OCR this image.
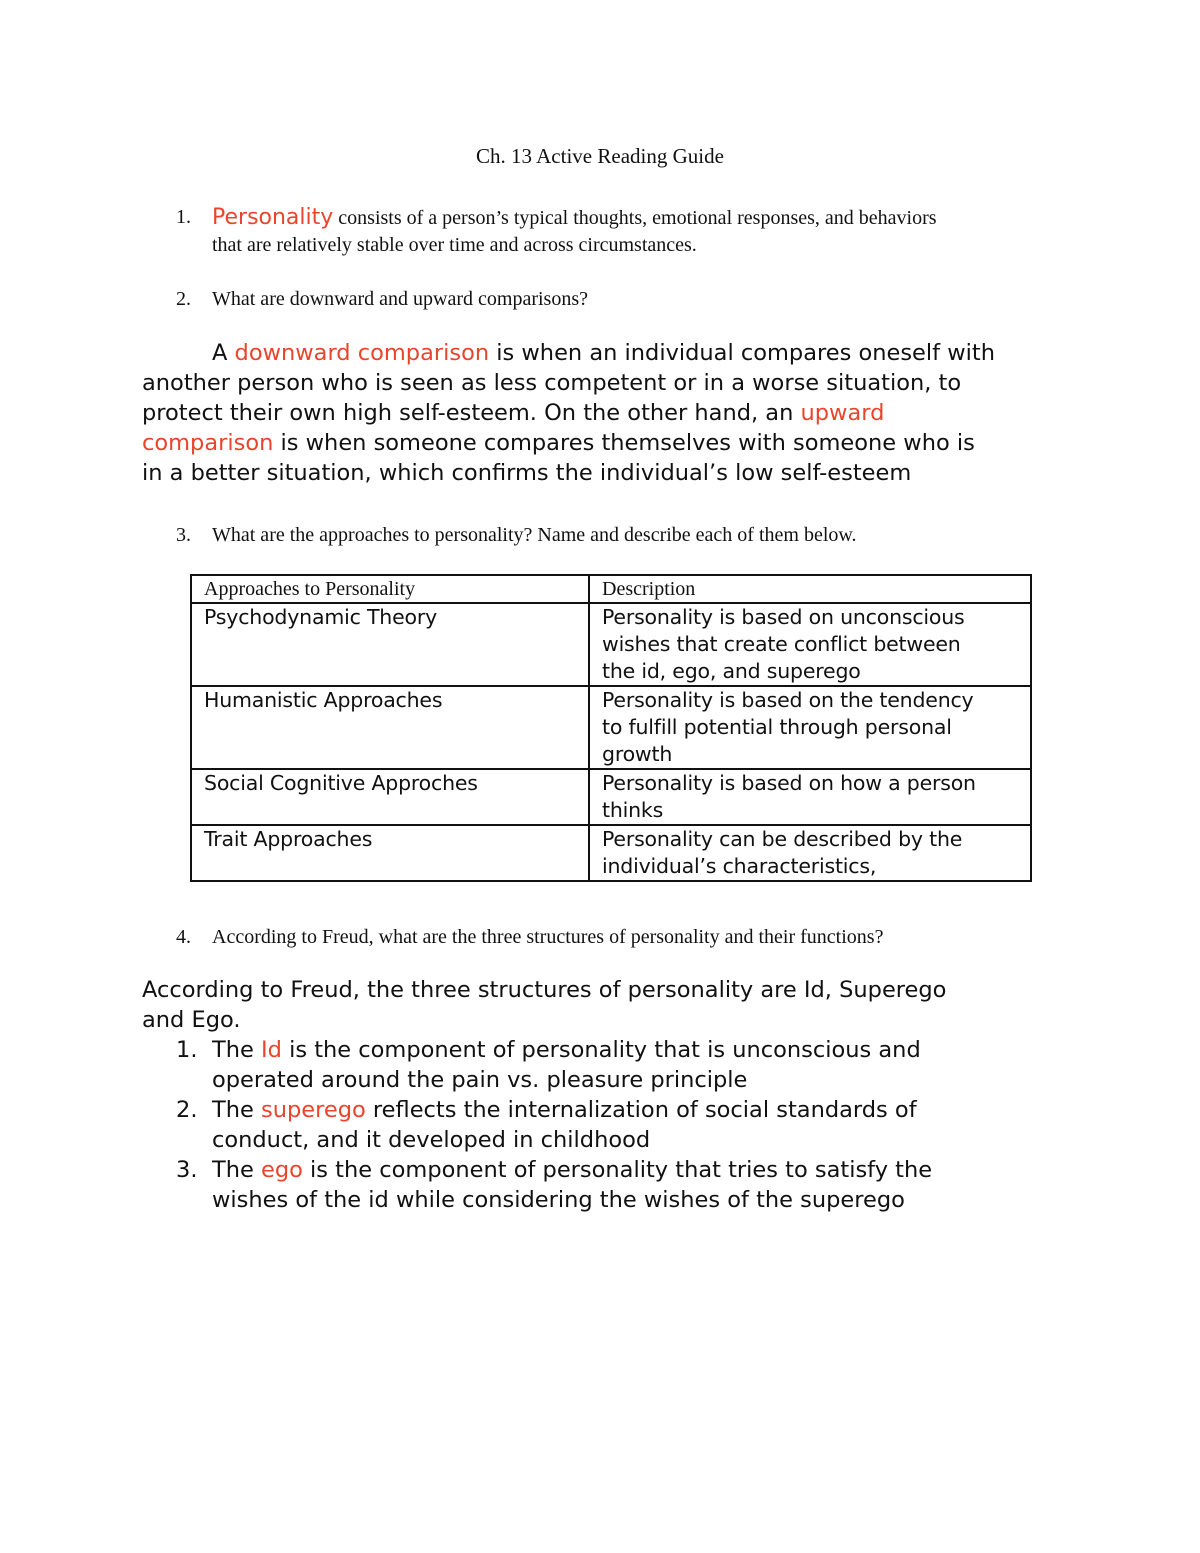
Ch. 13 Active Reading Guide
1. Personality consists of a person’s typical thoughts, emotional responses, and behaviors
that are relatively stable over time and across circumstances.
2. What are downward and upward comparisons?
A downward comparison is when an individual compares oneself with
another person who is seen as less competent or in a worse situation, to
protect their own high self-esteem. On the other hand, an upward
comparison is when someone compares themselves with someone who is
in a better situation, which confirms the individual’s low self-esteem
3. What are the approaches to personality? Name and describe each of them below.
Approaches to Personality	Description
Psychodynamic Theory	Personality is based on unconscious
wishes that create conflict between
the id, ego, and superego

Humanistic Approaches	Personality is based on the tendency
to fulfill potential through personal
growth

Social Cognitive Approches	Personality is based on how a person
thinks

Trait Approaches	Personality can be described by the
individual’s characteristics,
4. According to Freud, what are the three structures of personality and their functions?
According to Freud, the three structures of personality are Id, Superego
and Ego.
1. The Id is the component of personality that is unconscious and
operated around the pain vs. pleasure principle
2. The superego reflects the internalization of social standards of
conduct, and it developed in childhood
3. The ego is the component of personality that tries to satisfy the
wishes of the id while considering the wishes of the superego
